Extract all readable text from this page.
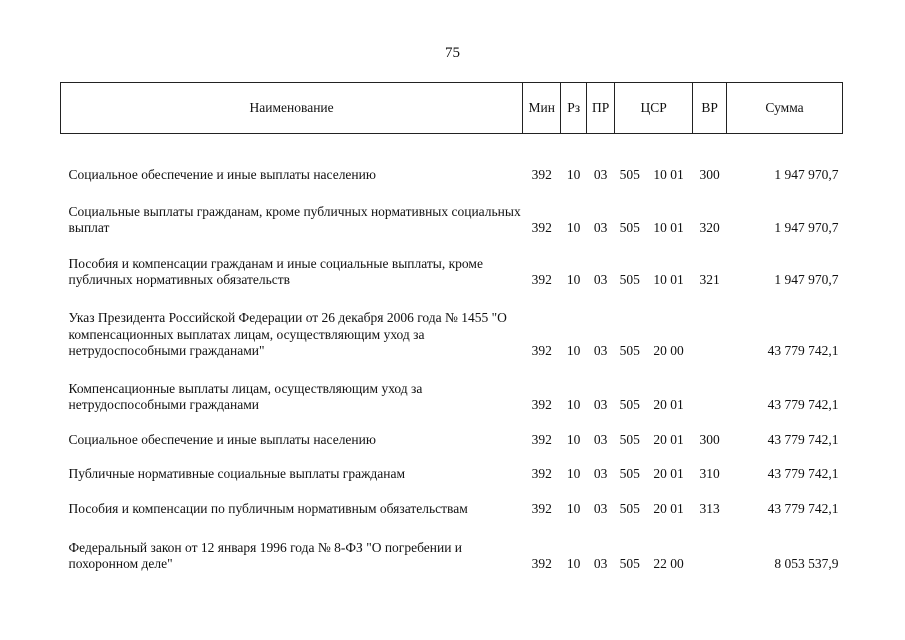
75
Наименование	Мин	Рз	ПР	ЦСР	ВР	Сумма
Социальное обеспечение и иные выплаты населению	392	10	03	505 10 01	300	1 947 970,7
Социальные выплаты гражданам, кроме публичных нормативных социальных выплат	392	10	03	505 10 01	320	1 947 970,7
Пособия и компенсации гражданам и иные социальные выплаты, кроме публичных нормативных обязательств	392	10	03	505 10 01	321	1 947 970,7
Указ Президента Российской Федерации от 26 декабря 2006 года № 1455 "О компенсационных выплатах лицам, осуществляющим уход за нетрудоспособными гражданами"	392	10	03	505 20 00		43 779 742,1
Компенсационные выплаты лицам, осуществляющим уход за нетрудоспособными гражданами	392	10	03	505 20 01		43 779 742,1
Социальное обеспечение и иные выплаты населению	392	10	03	505 20 01	300	43 779 742,1
Публичные нормативные социальные выплаты гражданам	392	10	03	505 20 01	310	43 779 742,1
Пособия и компенсации по публичным нормативным обязательствам	392	10	03	505 20 01	313	43 779 742,1
Федеральный закон от 12 января 1996 года № 8-ФЗ "О погребении и похоронном деле"	392	10	03	505 22 00		8 053 537,9
